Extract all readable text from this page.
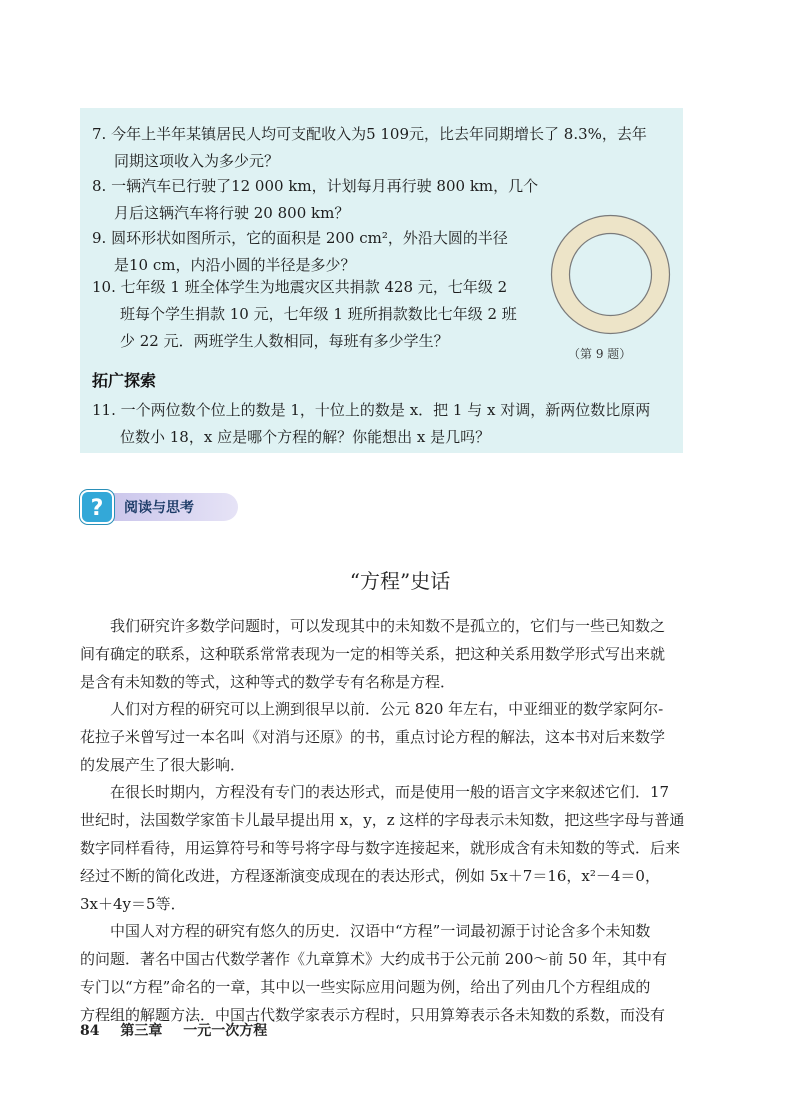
7. 今年上半年某镇居民人均可支配收入为5 109元，比去年同期增长了 8.3%，去年
同期这项收入为多少元？
8. 一辆汽车已行驶了12 000 km，计划每月再行驶 800 km，几个
月后这辆汽车将行驶 20 800 km？
9. 圆环形状如图所示，它的面积是 200 cm²，外沿大圆的半径
是10 cm，内沿小圆的半径是多少？
10. 七年级 1 班全体学生为地震灾区共捐款 428 元，七年级 2
班每个学生捐款 10 元，七年级 1 班所捐款数比七年级 2 班
少 22 元．两班学生人数相同，每班有多少学生？
（第 9 题）
拓广探索
11. 一个两位数个位上的数是 1，十位上的数是 x．把 1 与 x 对调，新两位数比原两
位数小 18，x 应是哪个方程的解？你能想出 x 是几吗？
?	阅读与思考
“方程”史话
　　我们研究许多数学问题时，可以发现其中的未知数不是孤立的，它们与一些已知数之
间有确定的联系，这种联系常常表现为一定的相等关系，把这种关系用数学形式写出来就
是含有未知数的等式，这种等式的数学专有名称是方程．
　　人们对方程的研究可以上溯到很早以前．公元 820 年左右，中亚细亚的数学家阿尔-
花拉子米曾写过一本名叫《对消与还原》的书，重点讨论方程的解法，这本书对后来数学
的发展产生了很大影响．
　　在很长时期内，方程没有专门的表达形式，而是使用一般的语言文字来叙述它们．17
世纪时，法国数学家笛卡儿最早提出用 x，y，z 这样的字母表示未知数，把这些字母与普通
数字同样看待，用运算符号和等号将字母与数字连接起来，就形成含有未知数的等式．后来
经过不断的简化改进，方程逐渐演变成现在的表达形式，例如 5x＋7＝16，x²－4＝0，
3x＋4y＝5等．
　　中国人对方程的研究有悠久的历史．汉语中“方程”一词最初源于讨论含多个未知数
的问题．著名中国古代数学著作《九章算术》大约成书于公元前 200～前 50 年，其中有
专门以“方程”命名的一章，其中以一些实际应用问题为例，给出了列由几个方程组成的
方程组的解题方法．中国古代数学家表示方程时，只用算筹表示各未知数的系数，而没有
84 第三章 一元一次方程
